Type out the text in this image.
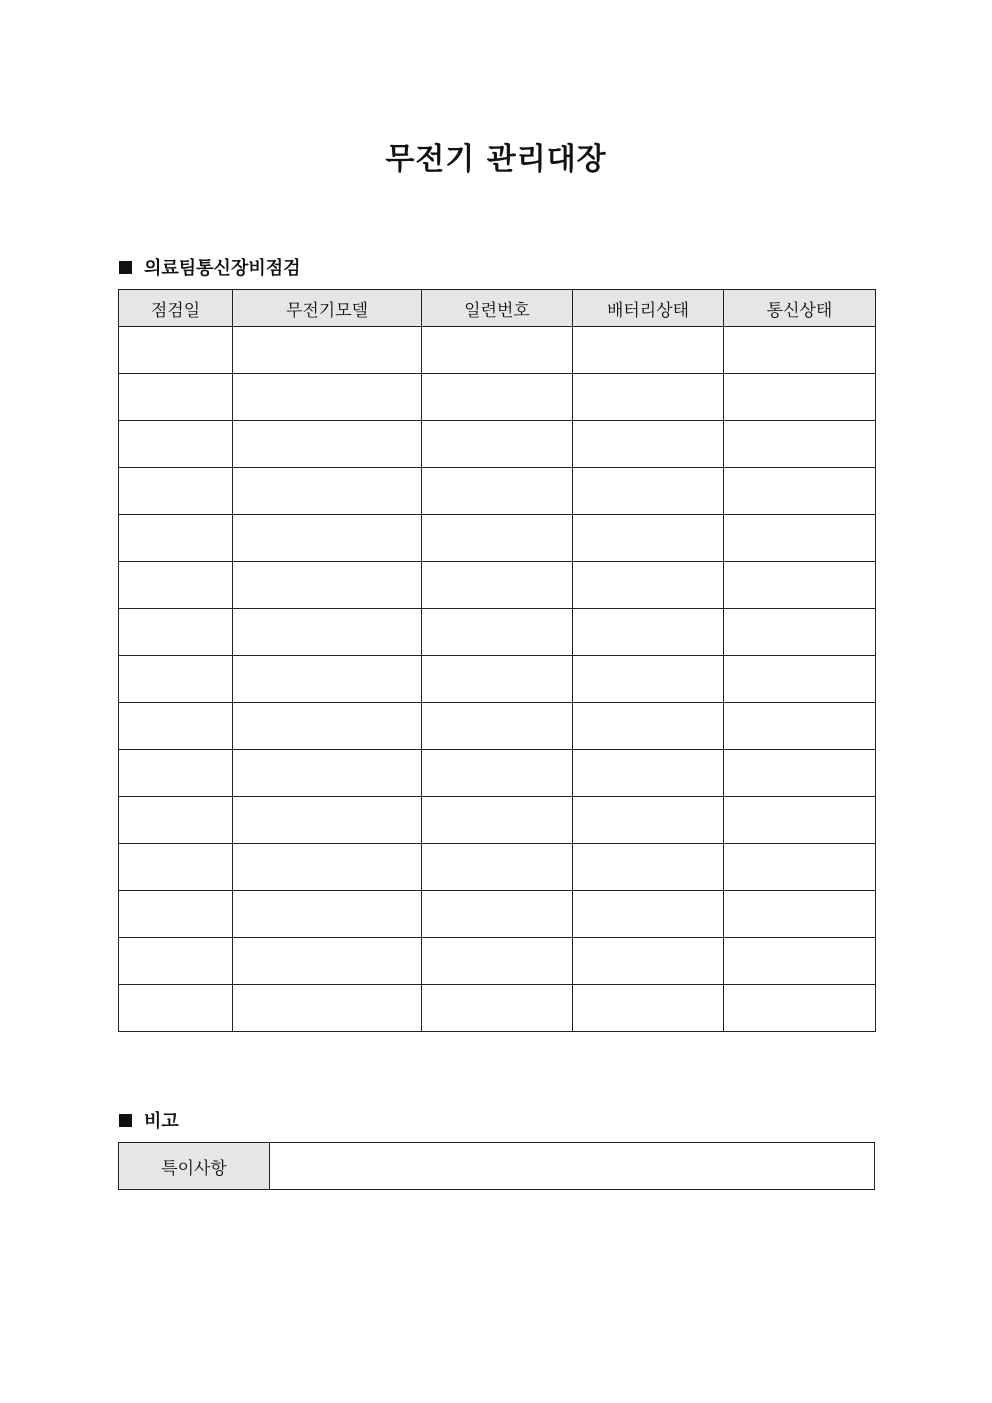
무전기 관리대장
의료팀통신장비점검
점검일	무전기모델	일련번호	배터리상태	통신상태

비고
특이사항	
